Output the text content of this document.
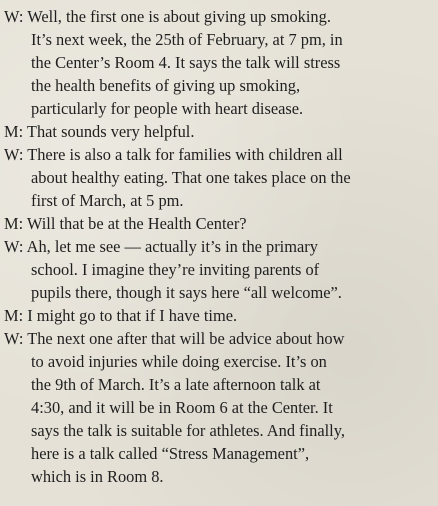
W: Well, the first one is about giving up smoking.
It’s next week, the 25th of February, at 7 pm, in
the Center’s Room 4. It says the talk will stress
the health benefits of giving up smoking,
particularly for people with heart disease.
M: That sounds very helpful.
W: There is also a talk for families with children all
about healthy eating. That one takes place on the
first of March, at 5 pm.
M: Will that be at the Health Center?
W: Ah, let me see — actually it’s in the primary
school. I imagine they’re inviting parents of
pupils there, though it says here “all welcome”.
M: I might go to that if I have time.
W: The next one after that will be advice about how
to avoid injuries while doing exercise. It’s on
the 9th of March. It’s a late afternoon talk at
4:30, and it will be in Room 6 at the Center. It
says the talk is suitable for athletes. And finally,
here is a talk called “Stress Management”,
which is in Room 8.
